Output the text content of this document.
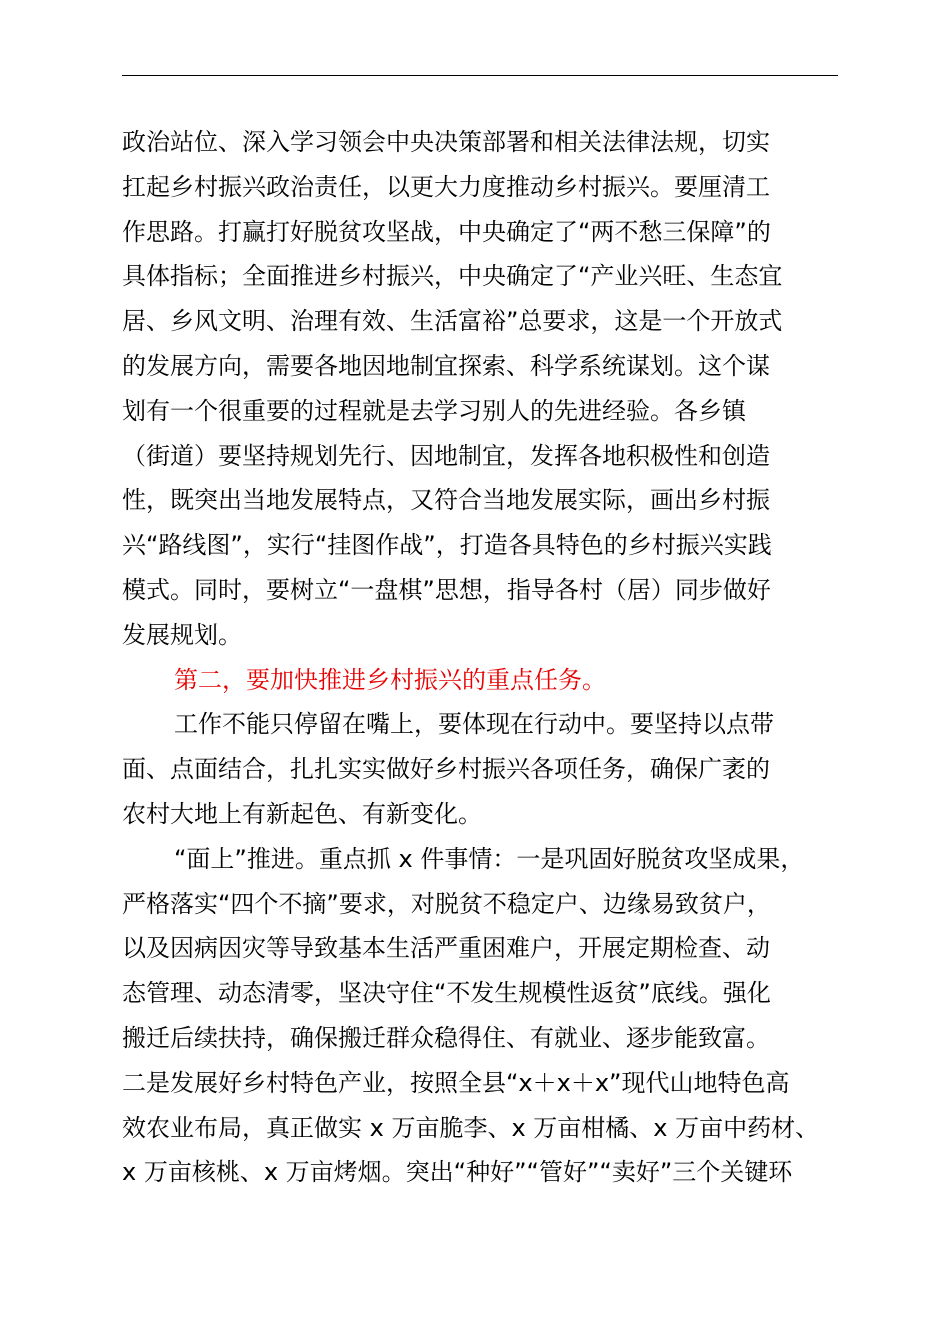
政治站位、深入学习领会中央决策部署和相关法律法规，切实
扛起乡村振兴政治责任，以更大力度推动乡村振兴。要厘清工
作思路。打赢打好脱贫攻坚战，中央确定了“两不愁三保障”的
具体指标；全面推进乡村振兴，中央确定了“产业兴旺、生态宜
居、乡风文明、治理有效、生活富裕”总要求，这是一个开放式
的发展方向，需要各地因地制宜探索、科学系统谋划。这个谋
划有一个很重要的过程就是去学习别人的先进经验。各乡镇
（街道）要坚持规划先行、因地制宜，发挥各地积极性和创造
性，既突出当地发展特点，又符合当地发展实际，画出乡村振
兴“路线图”，实行“挂图作战”，打造各具特色的乡村振兴实践
模式。同时，要树立“一盘棋”思想，指导各村（居）同步做好
发展规划。
第二，要加快推进乡村振兴的重点任务。
工作不能只停留在嘴上，要体现在行动中。要坚持以点带
面、点面结合，扎扎实实做好乡村振兴各项任务，确保广袤的
农村大地上有新起色、有新变化。
“面上”推进。重点抓 x 件事情：一是巩固好脱贫攻坚成果，
严格落实“四个不摘”要求，对脱贫不稳定户、边缘易致贫户，
以及因病因灾等导致基本生活严重困难户，开展定期检查、动
态管理、动态清零，坚决守住“不发生规模性返贫”底线。强化
搬迁后续扶持，确保搬迁群众稳得住、有就业、逐步能致富。
二是发展好乡村特色产业，按照全县“x＋x＋x”现代山地特色高
效农业布局，真正做实 x 万亩脆李、x 万亩柑橘、x 万亩中药材、
x 万亩核桃、x 万亩烤烟。突出“种好”“管好”“卖好”三个关键环
